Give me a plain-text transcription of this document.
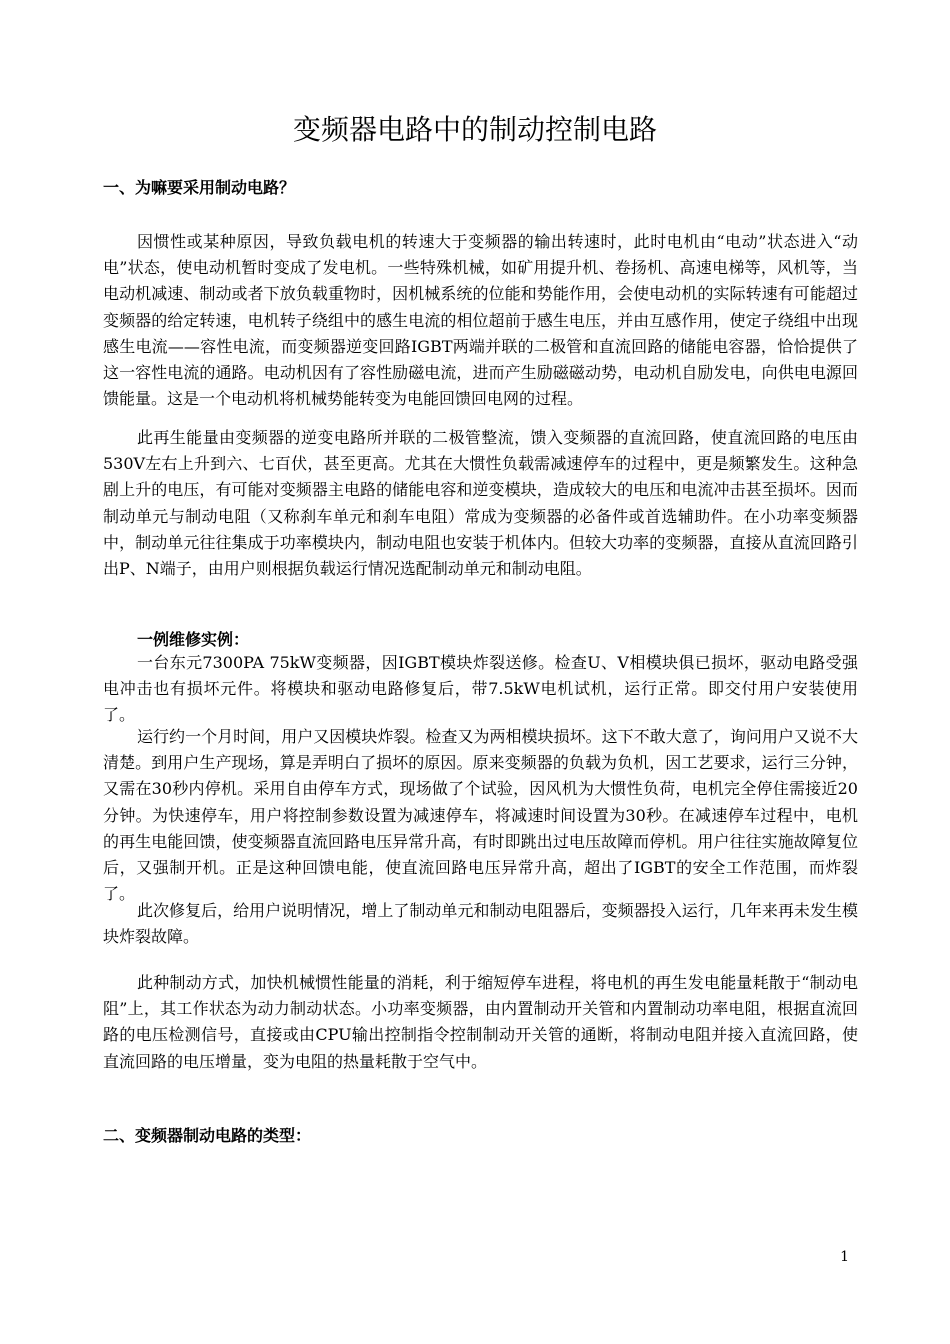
变频器电路中的制动控制电路
一、为嘛要采用制动电路？

因惯性或某种原因，导致负载电机的转速大于变频器的输出转速时，此时电机由“电动”状态进入“动电”状态，使电动机暂时变成了发电机。一些特殊机械，如矿用提升机、卷扬机、高速电梯等，风机等，当电动机减速、制动或者下放负载重物时，因机械系统的位能和势能作用，会使电动机的实际转速有可能超过变频器的给定转速，电机转子绕组中的感生电流的相位超前于感生电压，并由互感作用，使定子绕组中出现感生电流——容性电流，而变频器逆变回路IGBT两端并联的二极管和直流回路的储能电容器，恰恰提供了这一容性电流的通路。电动机因有了容性励磁电流，进而产生励磁磁动势，电动机自励发电，向供电电源回馈能量。这是一个电动机将机械势能转变为电能回馈回电网的过程。

此再生能量由变频器的逆变电路所并联的二极管整流，馈入变频器的直流回路，使直流回路的电压由530V左右上升到六、七百伏，甚至更高。尤其在大惯性负载需减速停车的过程中，更是频繁发生。这种急剧上升的电压，有可能对变频器主电路的储能电容和逆变模块，造成较大的电压和电流冲击甚至损坏。因而制动单元与制动电阻（又称刹车单元和刹车电阻）常成为变频器的必备件或首选辅助件。在小功率变频器中，制动单元往往集成于功率模块内，制动电阻也安装于机体内。但较大功率的变频器，直接从直流回路引出P、N端子，由用户则根据负载运行情况选配制动单元和制动电阻。

一例维修实例：

一台东元7300PA 75kW变频器，因IGBT模块炸裂送修。检查U、V相模块俱已损坏，驱动电路受强电冲击也有损坏元件。将模块和驱动电路修复后，带7.5kW电机试机，运行正常。即交付用户安装使用了。

运行约一个月时间，用户又因模块炸裂。检查又为两相模块损坏。这下不敢大意了，询问用户又说不大清楚。到用户生产现场，算是弄明白了损坏的原因。原来变频器的负载为负机，因工艺要求，运行三分钟，又需在30秒内停机。采用自由停车方式，现场做了个试验，因风机为大惯性负荷，电机完全停住需接近20分钟。为快速停车，用户将控制参数设置为减速停车，将减速时间设置为30秒。在减速停车过程中，电机的再生电能回馈，使变频器直流回路电压异常升高，有时即跳出过电压故障而停机。用户往往实施故障复位后，又强制开机。正是这种回馈电能，使直流回路电压异常升高，超出了IGBT的安全工作范围，而炸裂了。

此次修复后，给用户说明情况，增上了制动单元和制动电阻器后，变频器投入运行，几年来再未发生模块炸裂故障。

此种制动方式，加快机械惯性能量的消耗，利于缩短停车进程，将电机的再生发电能量耗散于“制动电阻”上，其工作状态为动力制动状态。小功率变频器，由内置制动开关管和内置制动功率电阻，根据直流回路的电压检测信号，直接或由CPU输出控制指令控制制动开关管的通断，将制动电阻并接入直流回路，使直流回路的电压增量，变为电阻的热量耗散于空气中。

二、变频器制动电路的类型：
1
